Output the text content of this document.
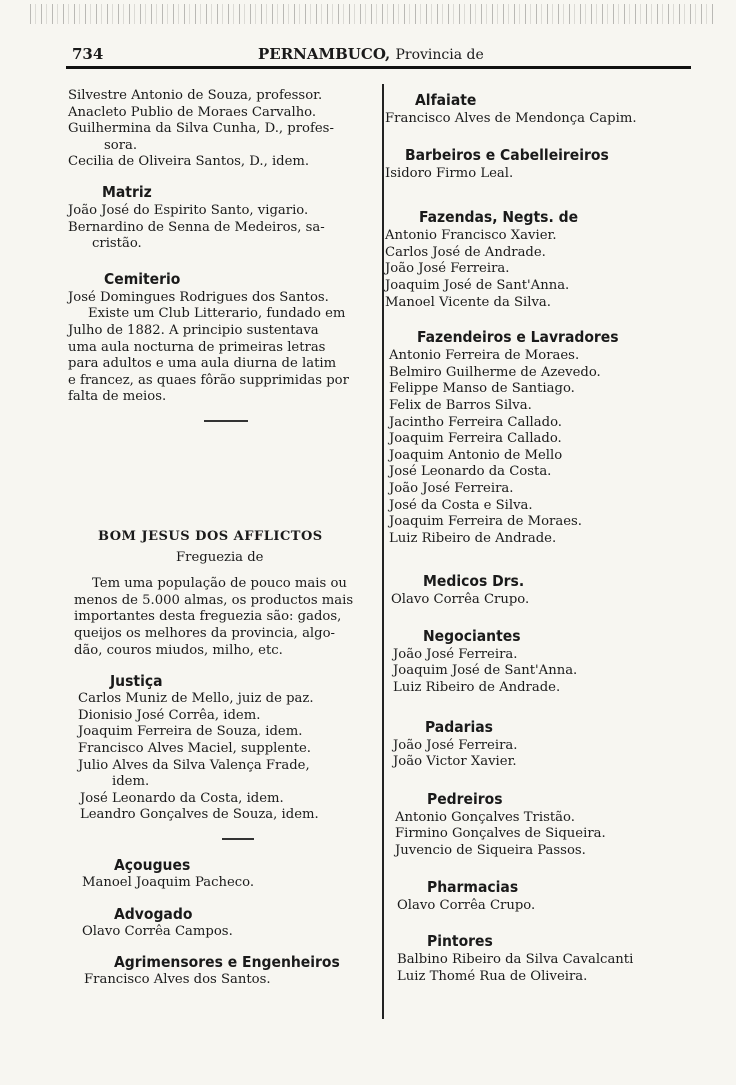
734	PERNAMBUCO, Provincia de
Silvestre Antonio de Souza, professor.
Anacleto Publio de Moraes Carvalho.
Guilhermina da Silva Cunha, D., profes-
sora.
Cecilia de Oliveira Santos, D., idem.
Matriz
João José do Espirito Santo, vigario.
Bernardino de Senna de Medeiros, sa-
cristão.
Cemiterio
José Domingues Rodrigues dos Santos.
Existe um Club Litterario, fundado em
Julho de 1882. A principio sustentava
uma aula nocturna de primeiras letras
para adultos e uma aula diurna de latim
e francez, as quaes fôrão supprimidas por
falta de meios.
BOM JESUS DOS AFFLICTOS
Freguezia de
Tem uma população de pouco mais ou
menos de 5.000 almas, os productos mais
importantes desta freguezia são: gados,
queijos os melhores da provincia, algo-
dão, couros miudos, milho, etc.
Justiça
Carlos Muniz de Mello, juiz de paz.
Dionisio José Corrêa, idem.
Joaquim Ferreira de Souza, idem.
Francisco Alves Maciel, supplente.
Julio Alves da Silva Valença Frade,
idem.
José Leonardo da Costa, idem.
Leandro Gonçalves de Souza, idem.
Açougues
Manoel Joaquim Pacheco.
Advogado
Olavo Corrêa Campos.
Agrimensores e Engenheiros
Francisco Alves dos Santos.
Alfaiate
Francisco Alves de Mendonça Capim.
Barbeiros e Cabelleireiros
Isidoro Firmo Leal.
Fazendas, Negts. de
Antonio Francisco Xavier.
Carlos José de Andrade.
João José Ferreira.
Joaquim José de Sant'Anna.
Manoel Vicente da Silva.
Fazendeiros e Lavradores
Antonio Ferreira de Moraes.
Belmiro Guilherme de Azevedo.
Felippe Manso de Santiago.
Felix de Barros Silva.
Jacintho Ferreira Callado.
Joaquim Ferreira Callado.
Joaquim Antonio de Mello
José Leonardo da Costa.
João José Ferreira.
José da Costa e Silva.
Joaquim Ferreira de Moraes.
Luiz Ribeiro de Andrade.
Medicos Drs.
Olavo Corrêa Crupo.
Negociantes
João José Ferreira.
Joaquim José de Sant'Anna.
Luiz Ribeiro de Andrade.
Padarias
João José Ferreira.
João Victor Xavier.
Pedreiros
Antonio Gonçalves Tristão.
Firmino Gonçalves de Siqueira.
Juvencio de Siqueira Passos.
Pharmacias
Olavo Corrêa Crupo.
Pintores
Balbino Ribeiro da Silva Cavalcanti
Luiz Thomé Rua de Oliveira.
